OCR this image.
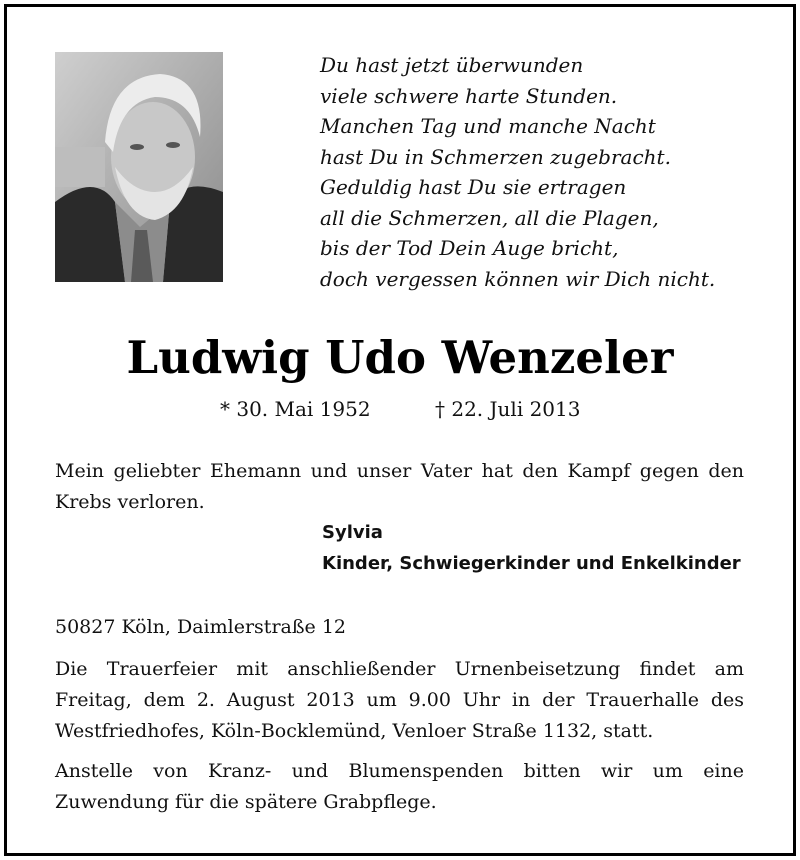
Du hast jetzt überwunden
viele schwere harte Stunden.
Manchen Tag und manche Nacht
hast Du in Schmerzen zugebracht.
Geduldig hast Du sie ertragen
all die Schmerzen, all die Plagen,
bis der Tod Dein Auge bricht,
doch vergessen können wir Dich nicht.
Ludwig Udo Wenzeler
* 30. Mai 1952	† 22. Juli 2013
Mein geliebter Ehemann und unser Vater hat den Kampf gegen den Krebs verloren.
Sylvia
Kinder, Schwiegerkinder und Enkelkinder
50827 Köln, Daimlerstraße 12
Die Trauerfeier mit anschließender Urnenbeisetzung findet am Freitag, dem 2. August 2013 um 9.00 Uhr in der Trauerhalle des Westfriedhofes, Köln-Bocklemünd, Venloer Straße 1132, statt.
Anstelle von Kranz- und Blumenspenden bitten wir um eine Zuwendung für die spätere Grabpflege.
